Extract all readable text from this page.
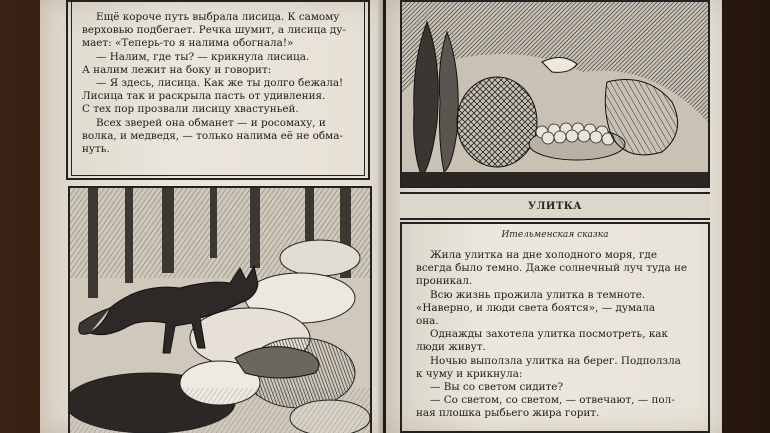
Ещё короче путь выбрала лисица. К самому

верховью подбегает. Речка шумит, а лисица ду-

мает: «Теперь-то я налима обогнала!»

— Налим, где ты? — крикнула лисица.

А налим лежит на боку и говорит:

— Я здесь, лисица. Как же ты долго бежала!

Лисица так и раскрыла пасть от удивления.

С тех пор прозвали лисицу хвастуньей.

Всех зверей она обманет — и росомаху, и

волка, и медведя, — только налима её не обма-

нуть.

УЛИТКА
Ительменская сказка

Жила улитка на дне холодного моря, где

всегда было темно. Даже солнечный луч туда не

проникал.

Всю жизнь прожила улитка в темноте.

«Наверно, и люди света боятся», — думала

она.

Однажды захотела улитка посмотреть, как

люди живут.

Ночью выползла улитка на берег. Подползла

к чуму и крикнула:

— Вы со светом сидите?

— Со светом, со светом, — отвечают, — пол-

ная плошка рыбьего жира горит.
